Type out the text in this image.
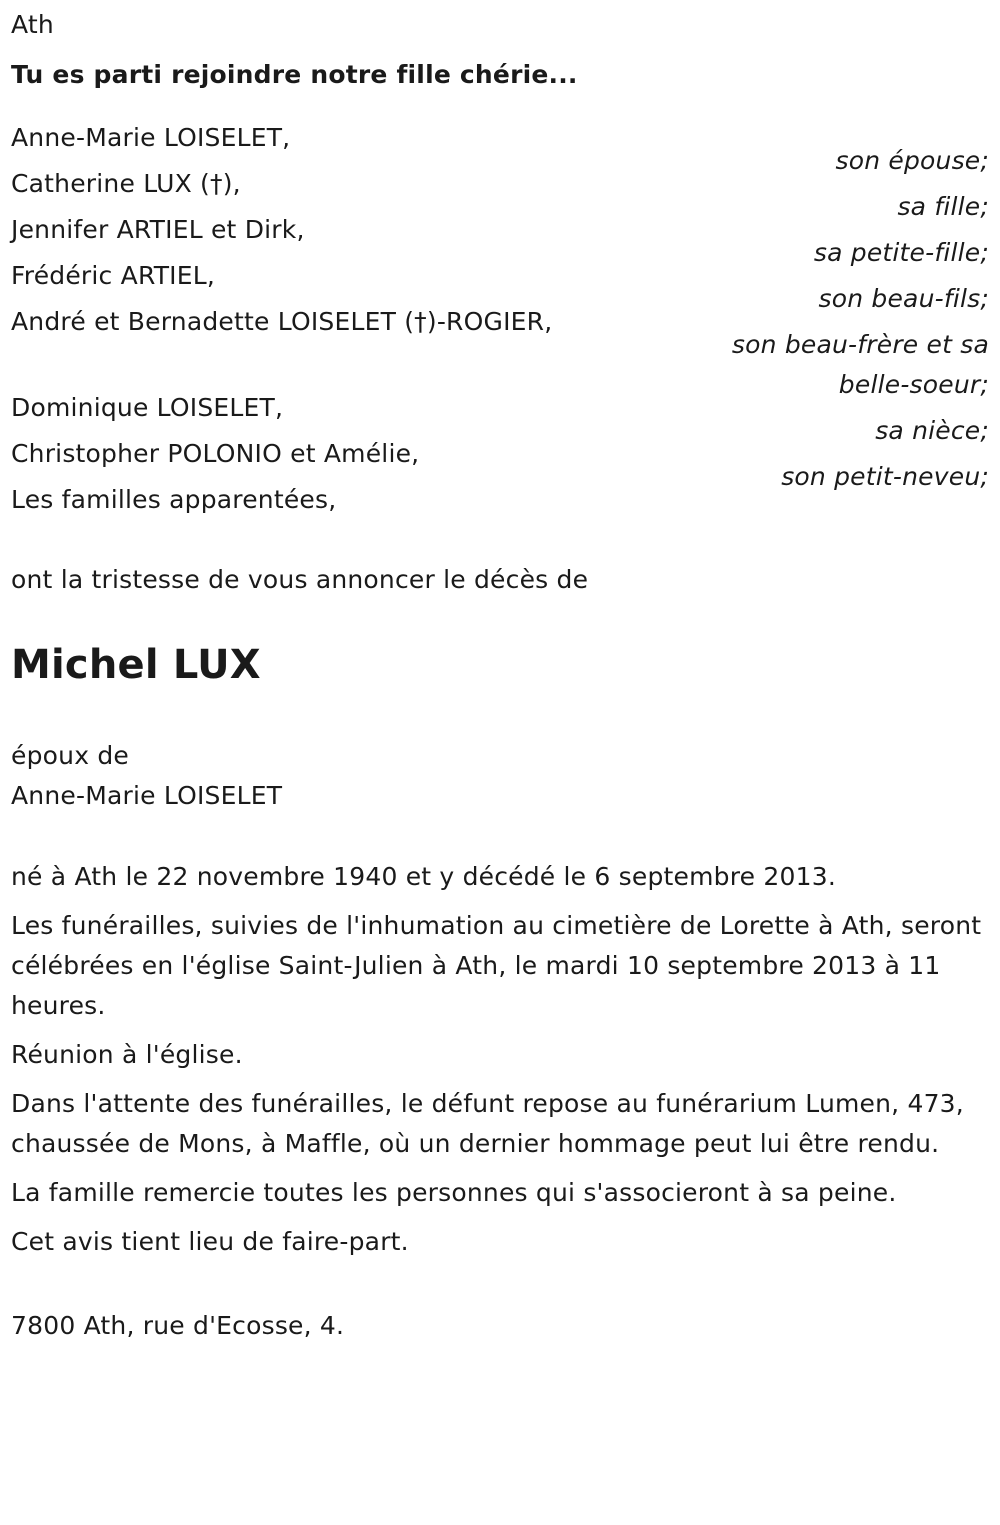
Ath
Tu es parti rejoindre notre fille chérie...
Anne-Marie LOISELET,
son épouse;
Catherine LUX (†),
sa fille;
Jennifer ARTIEL et Dirk,
sa petite-fille;
Frédéric ARTIEL,
son beau-fils;
André et Bernadette LOISELET (†)-ROGIER,
son beau-frère et sa
belle-soeur;
Dominique LOISELET,
sa nièce;
Christopher POLONIO et Amélie,
son petit-neveu;
Les familles apparentées,
ont la tristesse de vous annoncer le décès de
Michel LUX
époux de
Anne-Marie LOISELET

né à Ath le 22 novembre 1940 et y décédé le 6 septembre 2013.

Les funérailles, suivies de l'inhumation au cimetière de Lorette à Ath, seront célébrées en l'église Saint-Julien à Ath, le mardi 10 septembre 2013 à 11 heures.

Réunion à l'église.

Dans l'attente des funérailles, le défunt repose au funérarium Lumen, 473, chaussée de Mons, à Maffle, où un dernier hommage peut lui être rendu.

La famille remercie toutes les personnes qui s'associeront à sa peine.

Cet avis tient lieu de faire-part.

7800 Ath, rue d'Ecosse, 4.
